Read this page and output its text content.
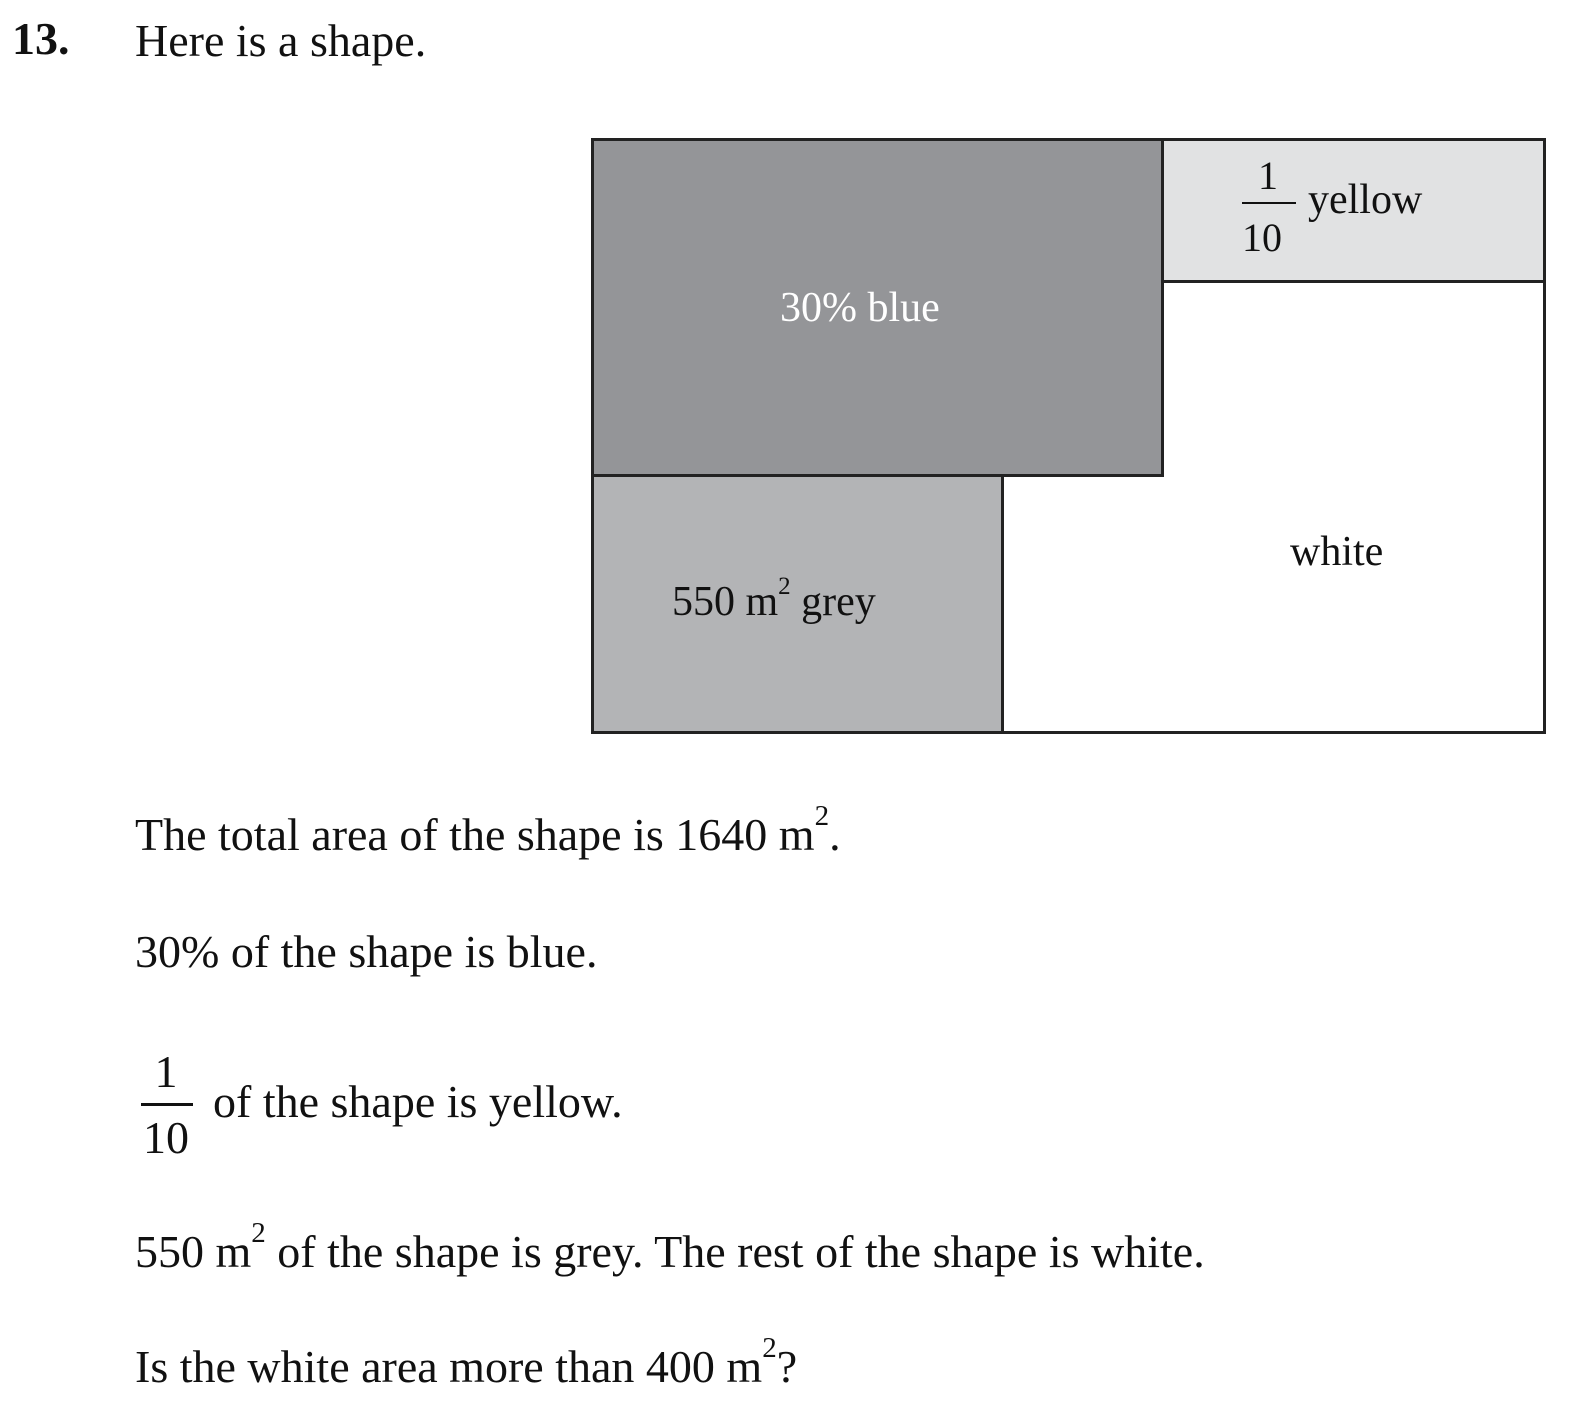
13. Here is a shape.
30% blue
1
10
yellow
550 $m^2$ grey
white
The total area of the shape is 1640 $m^2$.
30% of the shape is blue.
1
10
of the shape is yellow.
550 $m^2$ of the shape is grey. The rest of the shape is white.
Is the white area more than 400 $m^2$?
